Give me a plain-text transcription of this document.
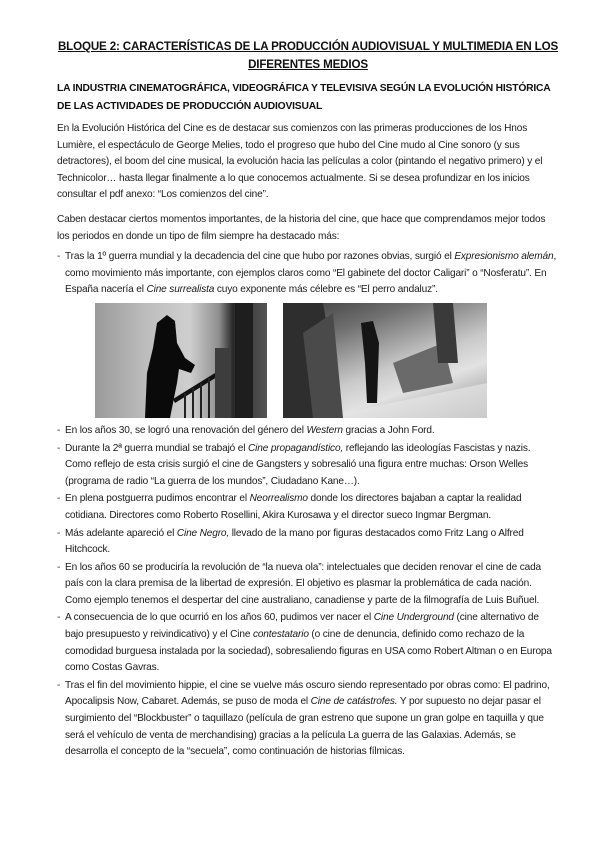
BLOQUE 2: CARACTERÍSTICAS DE LA PRODUCCIÓN AUDIOVISUAL Y MULTIMEDIA EN LOS DIFERENTES MEDIOS
LA INDUSTRIA CINEMATOGRÁFICA, VIDEOGRÁFICA Y TELEVISIVA SEGÚN LA EVOLUCIÓN HISTÓRICA DE LAS ACTIVIDADES DE PRODUCCIÓN AUDIOVISUAL

En la Evolución Histórica del Cine es de destacar sus comienzos con las primeras producciones de los Hnos Lumière, el espectáculo de George Melies, todo el progreso que hubo del Cine mudo al Cine sonoro (y sus detractores), el boom del cine musical, la evolución hacia las películas a color (pintando el negativo primero) y el Technicolor… hasta llegar finalmente a lo que conocemos actualmente. Si se desea profundizar en los inicios consultar el pdf anexo: “Los comienzos del cine”.

Caben destacar ciertos momentos importantes, de la historia del cine, que hace que comprendamos mejor todos los periodos en donde un tipo de film siempre ha destacado más:

- Tras la 1º guerra mundial y la decadencia del cine que hubo por razones obvias, surgió el Expresionismo alemán, como movimiento más importante, con ejemplos claros como “El gabinete del doctor Caligari” o “Nosferatu”. En España nacería el Cine surrealista cuyo exponente más célebre es “El perro andaluz”.
- En los años 30, se logró una renovación del género del Western gracias a John Ford.
- Durante la 2ª guerra mundial se trabajó el Cine propagandístico, reflejando las ideologías Fascistas y nazis. Como reflejo de esta crisis surgió el cine de Gangsters y sobresalió una figura entre muchas: Orson Welles (programa de radio “La guerra de los mundos”, Ciudadano Kane…).
- En plena postguerra pudimos encontrar el Neorrealismo donde los directores bajaban a captar la realidad cotidiana. Directores como Roberto Rosellini, Akira Kurosawa y el director sueco Ingmar Bergman.
- Más adelante apareció el Cine Negro, llevado de la mano por figuras destacados como Fritz Lang o Alfred Hitchcock.
- En los años 60 se produciría la revolución de “la nueva ola”: intelectuales que deciden renovar el cine de cada país con la clara premisa de la libertad de expresión. El objetivo es plasmar la problemática de cada nación. Como ejemplo tenemos el despertar del cine australiano, canadiense y parte de la filmografía de Luis Buñuel.
- A consecuencia de lo que ocurrió en los años 60, pudimos ver nacer el Cine Underground (cine alternativo de bajo presupuesto y reivindicativo) y el Cine contestatario (o cine de denuncia, definido como rechazo de la comodidad burguesa instalada por la sociedad), sobresaliendo figuras en USA como Robert Altman o en Europa como Costas Gavras.
- Tras el fin del movimiento hippie, el cine se vuelve más oscuro siendo representado por obras como: El padrino, Apocalipsis Now, Cabaret. Además, se puso de moda el Cine de catástrofes. Y por supuesto no dejar pasar el surgimiento del “Blockbuster” o taquillazo (película de gran estreno que supone un gran golpe en taquilla y que será el vehículo de venta de merchandising) gracias a la película La guerra de las Galaxias. Además, se desarrolla el concepto de la “secuela”, como continuación de historias fílmicas.
